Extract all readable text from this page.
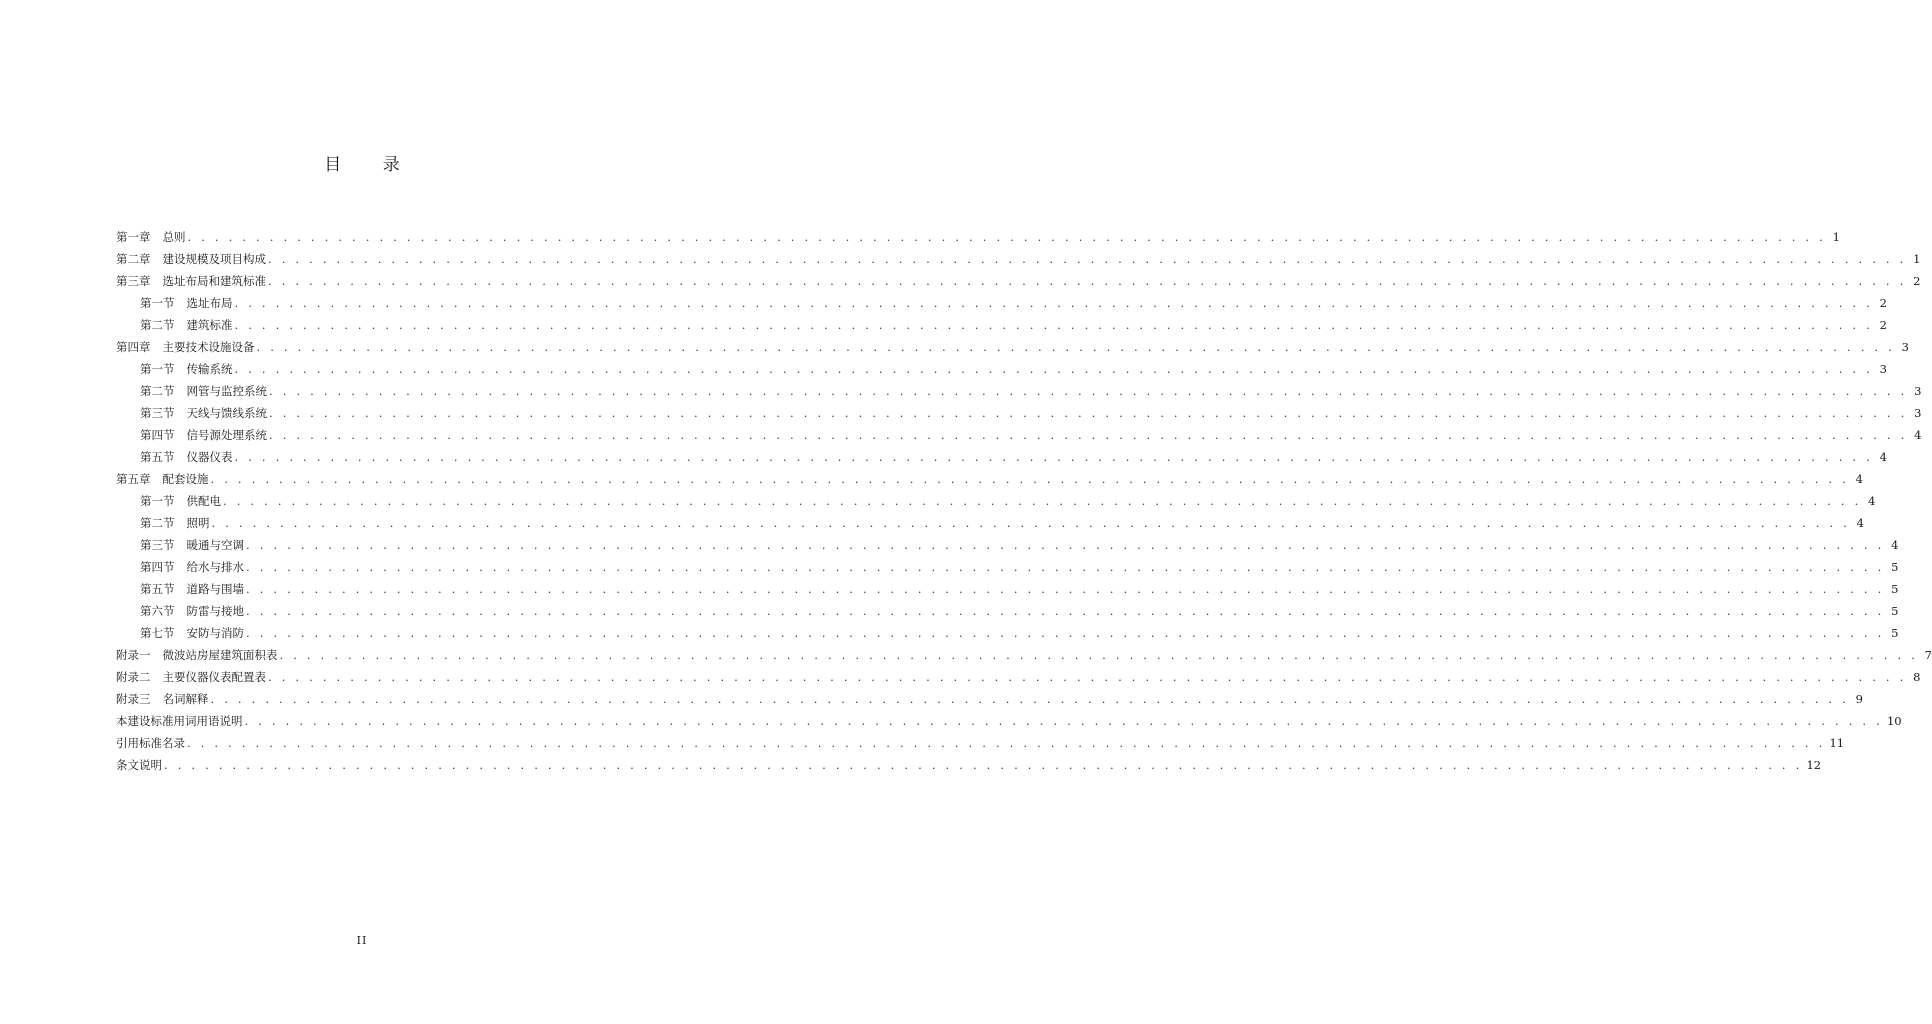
目 录
第一章 总则 . . . . . . . . . . . . . . . . . . . . . . . . . . . . . . . . . . . . . . . . . . . . . . . . . . . . . . . . . . . . . . . . . . . . . . . . . . . . . . . . . . . . . . . . . . . . . . . . . . . . . . . . . . . . . . . . . . . . . . . . 1
第二章 建设规模及项目构成 . . . . . . . . . . . . . . . . . . . . . . . . . . . . . . . . . . . . . . . . . . . . . . . . . . . . . . . . . . . . . . . . . . . . . . . . . . . . . . . . . . . . . . . . . . . . . . . . . . . . . . . . . . . . . . . . . . . . . . . . 1
第三章 选址布局和建筑标准 . . . . . . . . . . . . . . . . . . . . . . . . . . . . . . . . . . . . . . . . . . . . . . . . . . . . . . . . . . . . . . . . . . . . . . . . . . . . . . . . . . . . . . . . . . . . . . . . . . . . . . . . . . . . . . . . . . . . . . . . 2
第一节 选址布局 . . . . . . . . . . . . . . . . . . . . . . . . . . . . . . . . . . . . . . . . . . . . . . . . . . . . . . . . . . . . . . . . . . . . . . . . . . . . . . . . . . . . . . . . . . . . . . . . . . . . . . . . . . . . . . . . . . . . . . . . 2
第二节 建筑标准 . . . . . . . . . . . . . . . . . . . . . . . . . . . . . . . . . . . . . . . . . . . . . . . . . . . . . . . . . . . . . . . . . . . . . . . . . . . . . . . . . . . . . . . . . . . . . . . . . . . . . . . . . . . . . . . . . . . . . . . . 2
第四章 主要技术设施设备 . . . . . . . . . . . . . . . . . . . . . . . . . . . . . . . . . . . . . . . . . . . . . . . . . . . . . . . . . . . . . . . . . . . . . . . . . . . . . . . . . . . . . . . . . . . . . . . . . . . . . . . . . . . . . . . . . . . . . . . . 3
第一节 传输系统 . . . . . . . . . . . . . . . . . . . . . . . . . . . . . . . . . . . . . . . . . . . . . . . . . . . . . . . . . . . . . . . . . . . . . . . . . . . . . . . . . . . . . . . . . . . . . . . . . . . . . . . . . . . . . . . . . . . . . . . . 3
第二节 网管与监控系统 . . . . . . . . . . . . . . . . . . . . . . . . . . . . . . . . . . . . . . . . . . . . . . . . . . . . . . . . . . . . . . . . . . . . . . . . . . . . . . . . . . . . . . . . . . . . . . . . . . . . . . . . . . . . . . . . . . . . . . . . 3
第三节 天线与馈线系统 . . . . . . . . . . . . . . . . . . . . . . . . . . . . . . . . . . . . . . . . . . . . . . . . . . . . . . . . . . . . . . . . . . . . . . . . . . . . . . . . . . . . . . . . . . . . . . . . . . . . . . . . . . . . . . . . . . . . . . . . 3
第四节 信号源处理系统 . . . . . . . . . . . . . . . . . . . . . . . . . . . . . . . . . . . . . . . . . . . . . . . . . . . . . . . . . . . . . . . . . . . . . . . . . . . . . . . . . . . . . . . . . . . . . . . . . . . . . . . . . . . . . . . . . . . . . . . . 4
第五节 仪器仪表 . . . . . . . . . . . . . . . . . . . . . . . . . . . . . . . . . . . . . . . . . . . . . . . . . . . . . . . . . . . . . . . . . . . . . . . . . . . . . . . . . . . . . . . . . . . . . . . . . . . . . . . . . . . . . . . . . . . . . . . . 4
第五章 配套设施 . . . . . . . . . . . . . . . . . . . . . . . . . . . . . . . . . . . . . . . . . . . . . . . . . . . . . . . . . . . . . . . . . . . . . . . . . . . . . . . . . . . . . . . . . . . . . . . . . . . . . . . . . . . . . . . . . . . . . . . . 4
第一节 供配电 . . . . . . . . . . . . . . . . . . . . . . . . . . . . . . . . . . . . . . . . . . . . . . . . . . . . . . . . . . . . . . . . . . . . . . . . . . . . . . . . . . . . . . . . . . . . . . . . . . . . . . . . . . . . . . . . . . . . . . . . 4
第二节 照明 . . . . . . . . . . . . . . . . . . . . . . . . . . . . . . . . . . . . . . . . . . . . . . . . . . . . . . . . . . . . . . . . . . . . . . . . . . . . . . . . . . . . . . . . . . . . . . . . . . . . . . . . . . . . . . . . . . . . . . . . 4
第三节 暖通与空调 . . . . . . . . . . . . . . . . . . . . . . . . . . . . . . . . . . . . . . . . . . . . . . . . . . . . . . . . . . . . . . . . . . . . . . . . . . . . . . . . . . . . . . . . . . . . . . . . . . . . . . . . . . . . . . . . . . . . . . . . 4
第四节 给水与排水 . . . . . . . . . . . . . . . . . . . . . . . . . . . . . . . . . . . . . . . . . . . . . . . . . . . . . . . . . . . . . . . . . . . . . . . . . . . . . . . . . . . . . . . . . . . . . . . . . . . . . . . . . . . . . . . . . . . . . . . . 5
第五节 道路与围墙 . . . . . . . . . . . . . . . . . . . . . . . . . . . . . . . . . . . . . . . . . . . . . . . . . . . . . . . . . . . . . . . . . . . . . . . . . . . . . . . . . . . . . . . . . . . . . . . . . . . . . . . . . . . . . . . . . . . . . . . . 5
第六节 防雷与接地 . . . . . . . . . . . . . . . . . . . . . . . . . . . . . . . . . . . . . . . . . . . . . . . . . . . . . . . . . . . . . . . . . . . . . . . . . . . . . . . . . . . . . . . . . . . . . . . . . . . . . . . . . . . . . . . . . . . . . . . . 5
第七节 安防与消防 . . . . . . . . . . . . . . . . . . . . . . . . . . . . . . . . . . . . . . . . . . . . . . . . . . . . . . . . . . . . . . . . . . . . . . . . . . . . . . . . . . . . . . . . . . . . . . . . . . . . . . . . . . . . . . . . . . . . . . . . 5
附录一 微波站房屋建筑面积表 . . . . . . . . . . . . . . . . . . . . . . . . . . . . . . . . . . . . . . . . . . . . . . . . . . . . . . . . . . . . . . . . . . . . . . . . . . . . . . . . . . . . . . . . . . . . . . . . . . . . . . . . . . . . . . . . . . . . . . . . 7
附录二 主要仪器仪表配置表 . . . . . . . . . . . . . . . . . . . . . . . . . . . . . . . . . . . . . . . . . . . . . . . . . . . . . . . . . . . . . . . . . . . . . . . . . . . . . . . . . . . . . . . . . . . . . . . . . . . . . . . . . . . . . . . . . . . . . . . . 8
附录三 名词解释 . . . . . . . . . . . . . . . . . . . . . . . . . . . . . . . . . . . . . . . . . . . . . . . . . . . . . . . . . . . . . . . . . . . . . . . . . . . . . . . . . . . . . . . . . . . . . . . . . . . . . . . . . . . . . . . . . . . . . . . . 9
本建设标准用词用语说明 . . . . . . . . . . . . . . . . . . . . . . . . . . . . . . . . . . . . . . . . . . . . . . . . . . . . . . . . . . . . . . . . . . . . . . . . . . . . . . . . . . . . . . . . . . . . . . . . . . . . . . . . . . . . . . . . . . . . . . . . 10
引用标准名录 . . . . . . . . . . . . . . . . . . . . . . . . . . . . . . . . . . . . . . . . . . . . . . . . . . . . . . . . . . . . . . . . . . . . . . . . . . . . . . . . . . . . . . . . . . . . . . . . . . . . . . . . . . . . . . . . . . . . . . . . 11
条文说明 . . . . . . . . . . . . . . . . . . . . . . . . . . . . . . . . . . . . . . . . . . . . . . . . . . . . . . . . . . . . . . . . . . . . . . . . . . . . . . . . . . . . . . . . . . . . . . . . . . . . . . . . . . . . . . . . . . . . . . . . 12
II
